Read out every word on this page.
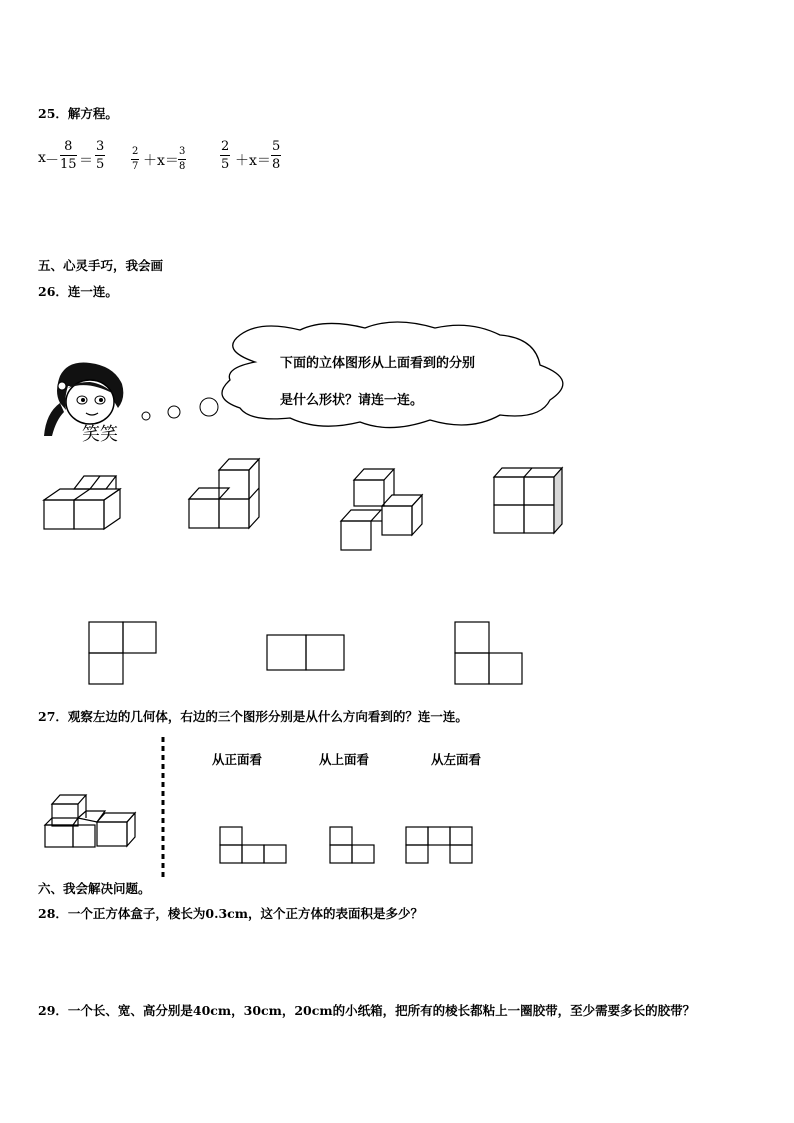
25．解方程。
$x - \frac{8}{15} = \frac{3}{5}$	$\frac{2}{7} +x= \frac{3}{8}$	$\frac{2}{5} +x= \frac{5}{8}$
五、心灵手巧，我会画
26．连一连。
笑笑
下面的立体图形从上面看到的分别
是什么形状？请连一连。
27．观察左边的几何体，右边的三个图形分别是从什么方向看到的？连一连。
从正面看	从上面看	从左面看
六、我会解决问题。
28．一个正方体盒子，棱长为0.3cm，这个正方体的表面积是多少？
29．一个长、宽、高分别是40cm，30cm，20cm的小纸箱，把所有的棱长都粘上一圈胶带，至少需要多长的胶带？
